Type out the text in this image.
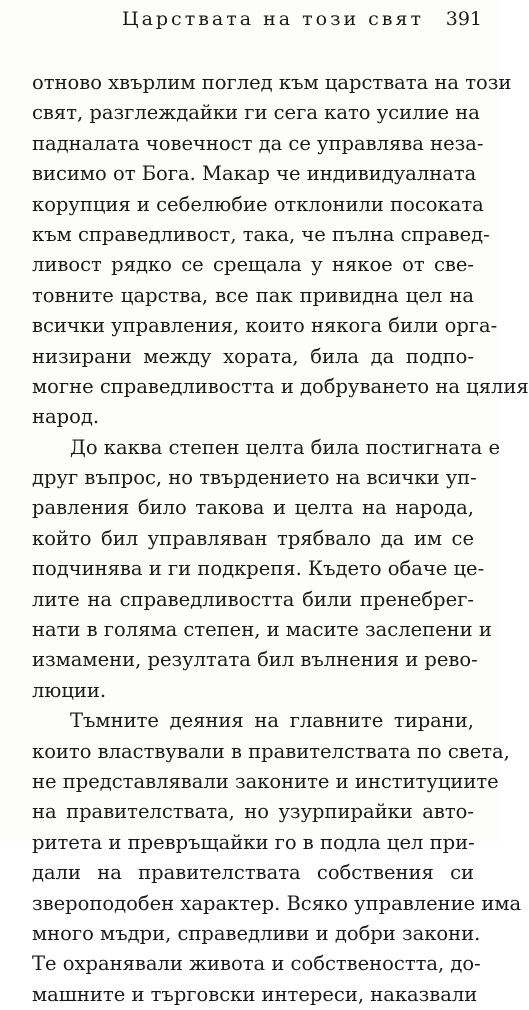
Царствата на този свят 391
отново хвърлим поглед към царствата на този
свят, разглеждайки ги сега като усилие на
падналата човечност да се управлява неза-
висимо от Бога. Макар че индивидуалната
корупция и себелюбие отклонили посоката
към справедливост, така, че пълна справед-
ливост рядко се срещала у някое от све-
товните царства, все пак привидна цел на
всички управления, които някога били орга-
низирани между хората, била да подпо-
могне справедливостта и добруването на цялия
народ.
До каква степен целта била постигната е
друг въпрос, но твърдението на всички уп-
равления било такова и целта на народа,
който бил управляван трябвало да им се
подчинява и ги подкрепя. Където обаче це-
лите на справедливостта били пренебрег-
нати в голяма степен, и масите заслепени и
измамени, резултата бил вълнения и рево-
люции.
Тъмните деяния на главните тирани,
които властвували в правителствата по света,
не представлявали законите и институциите
на правителствата, но узурпирайки авто-
ритета и превръщайки го в подла цел при-
дали на правителствата собствения си
звероподобен характер. Всяко управление има
много мъдри, справедливи и добри закони.
Те охранявали живота и собствеността, до-
машните и търговски интереси, наказвали
